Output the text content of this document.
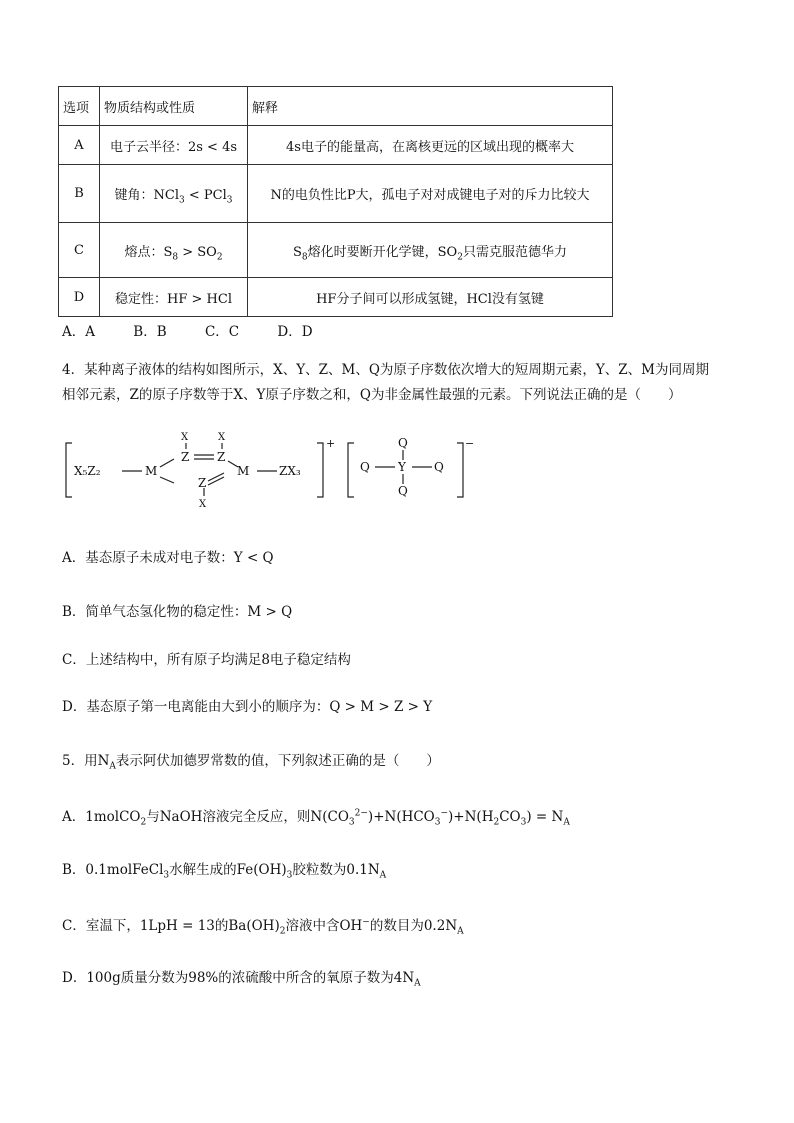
选项	物质结构或性质	解释
A	电子云半径：2s < 4s	4s电子的能量高，在离核更远的区域出现的概率大
B	键角：NCl$_3$ < PCl$_3$	N的电负性比P大，孤电子对对成键电子对的斥力比较大
C	熔点：$S_8 > SO_2$	$S_8$熔化时要断开化学键，$SO_2$只需克服范德华力
D	稳定性：HF > HCl	HF分子间可以形成氢键，HCl没有氢键
A．A	B．B	C．C	D．D
4．某种离子液体的结构如图所示，X、Y、Z、M、Q为原子序数依次增大的短周期元素，Y、Z、M为同周期
相邻元素，Z的原子序数等于X、Y原子序数之和，Q为非金属性最强的元素。下列说法正确的是（　　）
X₅Z₂	M
Z Z
X	X
M
Z
X
ZX₃
+
Q Y Q
Q
Q
−
A．基态原子未成对电子数：Y < Q
B．简单气态氢化物的稳定性：M > Q
C．上述结构中，所有原子均满足8电子稳定结构
D．基态原子第一电离能由大到小的顺序为：Q > M > Z > Y
5．用$N_A$表示阿伏加德罗常数的值，下列叙述正确的是（　　）
A．1molCO$_2$与NaOH溶液完全反应，则$N(CO_3^{2-})+N(HCO_3^-)+N(H_2CO_3) = N_A$
B．0.1molFeCl$_3$水解生成的$Fe(OH)_3$胶粒数为$0.1N_A$
C．室温下，1LpH = 13的$Ba(OH)_2$溶液中含OH−的数目为$0.2N_A$
D．100g质量分数为98%的浓硫酸中所含的氧原子数为$4N_A$
